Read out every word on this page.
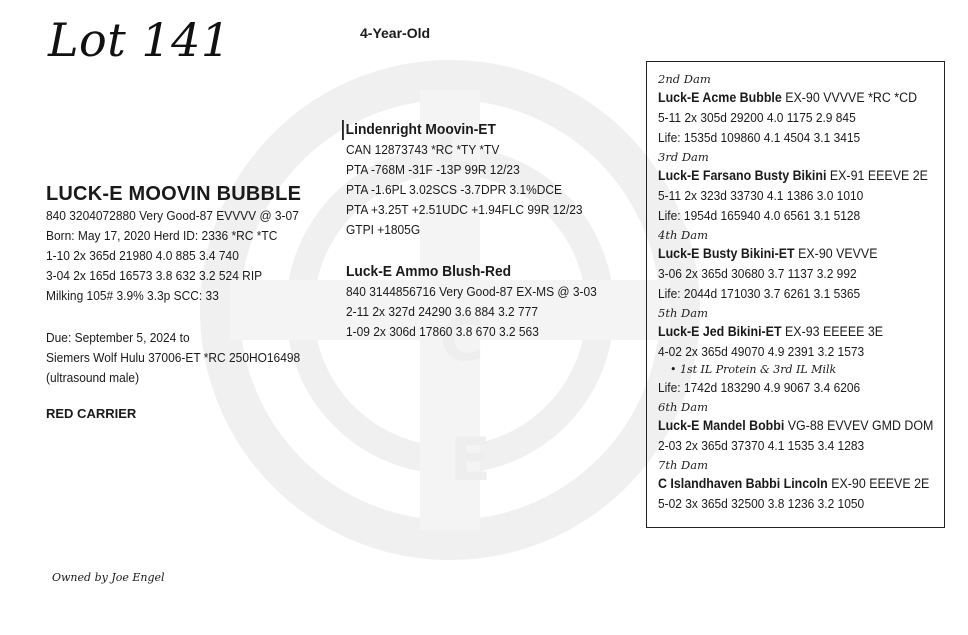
L
C
E
Lot 141	4-Year-Old
LUCK-E MOOVIN BUBBLE
840 3204072880 Very Good-87 EVVVV @ 3-07
Born: May 17, 2020 Herd ID: 2336 *RC *TC
1-10 2x 365d 21980 4.0 885 3.4 740
3-04 2x 165d 16573 3.8 632 3.2 524 RIP
Milking 105# 3.9% 3.3p SCC: 33
Due: September 5, 2024 to
Siemers Wolf Hulu 37006-ET *RC 250HO16498
(ultrasound male)
RED CARRIER
Owned by Joe Engel
Lindenright Moovin-ET
CAN 12873743 *RC *TY *TV
PTA -768M -31F -13P 99R 12/23
PTA -1.6PL 3.02SCS -3.7DPR 3.1%DCE
PTA +3.25T +2.51UDC +1.94FLC 99R 12/23
GTPI +1805G
Luck-E Ammo Blush-Red
840 3144856716 Very Good-87 EX-MS @ 3-03
2-11 2x 327d 24290 3.6 884 3.2 777
1-09 2x 306d 17860 3.8 670 3.2 563
2nd Dam
Luck-E Acme Bubble EX-90 VVVVE *RC *CD
5-11 2x 305d 29200 4.0 1175 2.9 845
Life: 1535d 109860 4.1 4504 3.1 3415
3rd Dam
Luck-E Farsano Busty Bikini EX-91 EEEVE 2E
5-11 2x 323d 33730 4.1 1386 3.0 1010
Life: 1954d 165940 4.0 6561 3.1 5128
4th Dam
Luck-E Busty Bikini-ET EX-90 VEVVE
3-06 2x 365d 30680 3.7 1137 3.2 992
Life: 2044d 171030 3.7 6261 3.1 5365
5th Dam
Luck-E Jed Bikini-ET EX-93 EEEEE 3E
4-02 2x 365d 49070 4.9 2391 3.2 1573
• 1st IL Protein & 3rd IL Milk
Life: 1742d 183290 4.9 9067 3.4 6206
6th Dam
Luck-E Mandel Bobbi VG-88 EVVEV GMD DOM
2-03 2x 365d 37370 4.1 1535 3.4 1283
7th Dam
C Islandhaven Babbi Lincoln EX-90 EEEVE 2E
5-02 3x 365d 32500 3.8 1236 3.2 1050
